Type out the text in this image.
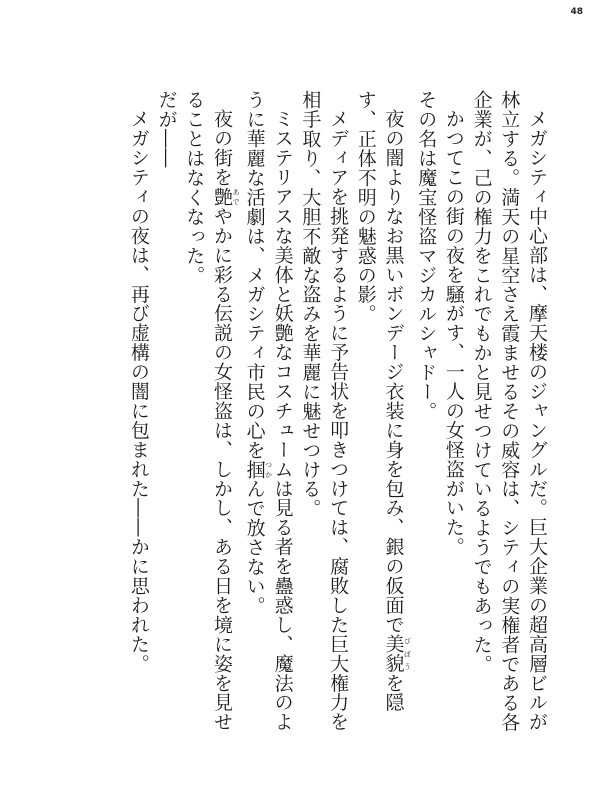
48

メガシティ中心部は、摩天楼のジャングルだ。巨大企業の超高層ビルが林立する。満天の星空さえ霞ませるその威容は、シティの実権者である各企業が、己の権力をこれでもかと見せつけているようでもあった。

かつてこの街の夜を騒がす、一人の女怪盗がいた。

その名は魔宝怪盗マジカルシャドー。

夜の闇よりなお黒いボンデージ衣装に身を包み、銀の仮面で美貌 びぼうを隠す、正体不明の魅惑の影。

メディアを挑発するように予告状を叩きつけては、腐敗した巨大権力を相手取り、大胆不敵な盗みを華麗に魅せつける。

ミステリアスな美体と妖艶なコスチュームは見る者を蠱惑し、魔法のように華麗な活劇は、メガシティ市民の心を掴 つかんで放さない。

夜の街を艶 あでやかに彩る伝説の女怪盗は、しかし、ある日を境に姿を見せることはなくなった。

だが――

メガシティの夜は、再び虚構の闇に包まれた――かに思われた。
